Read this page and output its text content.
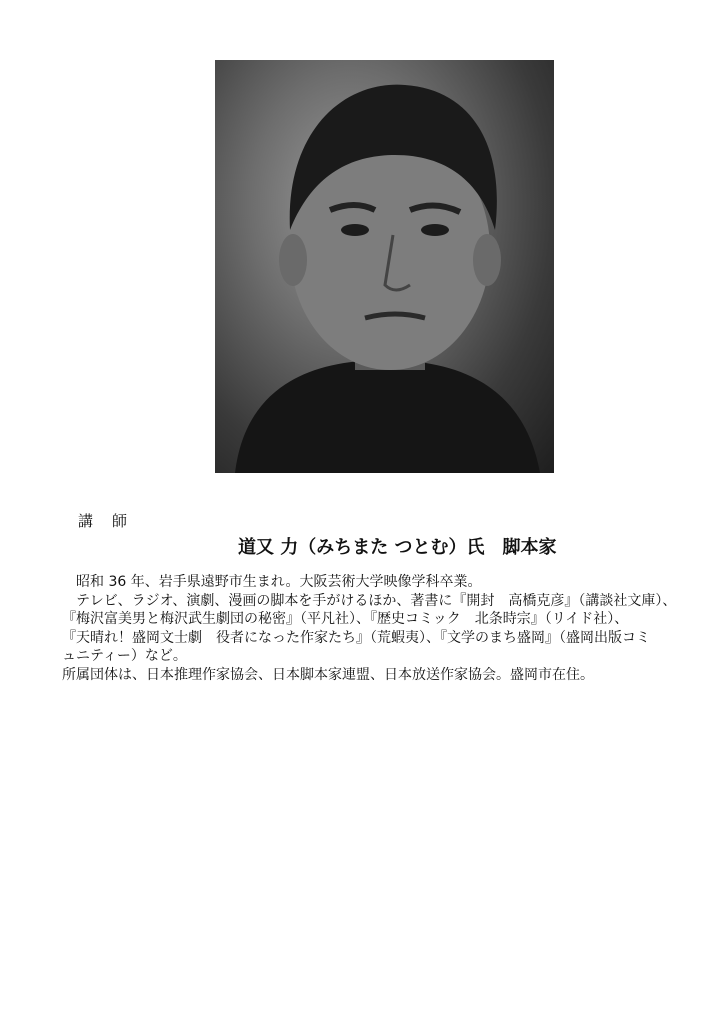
講　師
道又 力（みちまた つとむ）氏　脚本家

　昭和 36 年、岩手県遠野市生まれ。大阪芸術大学映像学科卒業。

　テレビ、ラジオ、演劇、漫画の脚本を手がけるほか、著書に『開封　高橋克彦』（講談社文庫）、

『梅沢富美男と梅沢武生劇団の秘密』（平凡社）、『歴史コミック　北条時宗』（リイド社）、

『天晴れ！盛岡文士劇　役者になった作家たち』（荒蝦夷）、『文学のまち盛岡』（盛岡出版コミ

ュニティー）など。

所属団体は、日本推理作家協会、日本脚本家連盟、日本放送作家協会。盛岡市在住。
